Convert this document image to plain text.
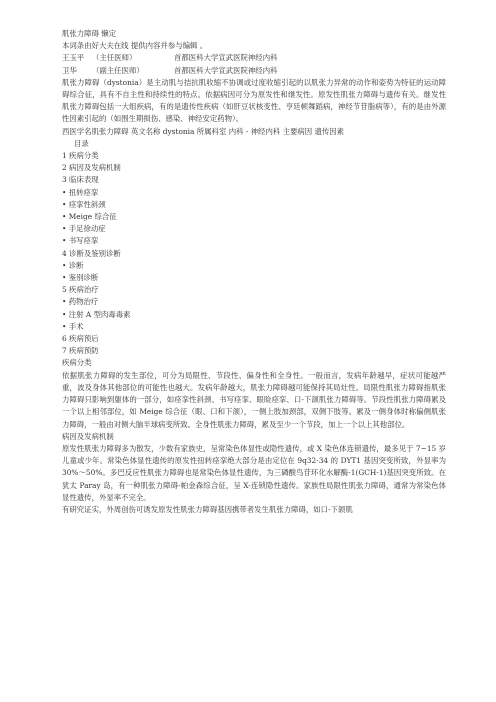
肌张力障碍 懒定
本词条由好大夫在线 提供内容并参与编辑 。
王玉平	（主任医师）	首都医科大学宣武医院神经内科
卫华	（副主任医师）	首都医科大学宣武医院神经内科
肌张力障碍（dystonia）是主动肌与拮抗肌收缩不协调或过度收缩引起的以肌张力异常的动作和姿势为特征的运动障碍综合征，具有不自主性和持续性的特点。依据病因可分为原发性和继发性。原发性肌张力障碍与遗传有关。继发性肌张力障碍包括一大组疾病，有的是遗传性疾病（如肝豆状核变性、亨廷顿舞蹈病，神经节苷脂病等），有的是由外源性因素引起的（如围生期损伤、感染、神经安定药物）。
西医学名肌张力障碍 英文名称 dystonia 所属科室 内科 - 神经内科 主要病因 遗传因素
目录
1 疾病分类
2 病因及发病机制
3 临床表现
• 扭转痉挛
• 痉挛性斜颈
• Meige 综合征
• 手足徐动症
• 书写痉挛
4 诊断及鉴别诊断
• 诊断
• 鉴别诊断
5 疾病治疗
• 药物治疗
• 注射 A 型肉毒毒素
• 手术
6 疾病预后
7 疾病预防
疾病分类
依据肌张力障碍的发生部位，可分为局限性、节段性、偏身性和全身性。一般而言，发病年龄越早，症状可能越严重，波及身体其他部位的可能性也越大。发病年龄越大，肌张力障碍越可能保持其局灶性。局限性肌张力障碍指肌张力障碍只影响到躯体的一部分，如痉挛性斜颈、书写痉挛、眼睑痉挛、口-下颌肌张力障碍等。节段性肌张力障碍累及一个以上相邻部位，如 Meige 综合征（眼、口和下颌），一侧上肢加颈部，双侧下肢等。累及一侧身体时称偏侧肌张力障碍，一般由对侧大脑半球病变所致。全身性肌张力障碍，累及至少一个节段，加上一个以上其他部位。
病因及发病机制
原发性肌张力障碍多为散发，少数有家族史，呈常染色体显性或隐性遗传，或 X 染色体连锁遗传，最多见于 7~15 岁儿童或少年。常染色体显性遗传的原发性扭转痉挛绝大部分是由定位在 9q32-34 的 DYT1 基因突变所致，外显率为 30%～50%。多巴反应性肌张力障碍也是常染色体显性遗传，为三磷酸鸟苷环化水解酶-1(GCH-1)基因突变所致。在犹太 Paray 岛，有一种肌张力障碍-帕金森综合征，呈 X-连锁隐性遗传。家族性局限性肌张力障碍，通常为常染色体显性遗传，外显率不完全。
有研究证实，外周创伤可诱发原发性肌张力障碍基因携带者发生肌张力障碍，如口-下颌肌
